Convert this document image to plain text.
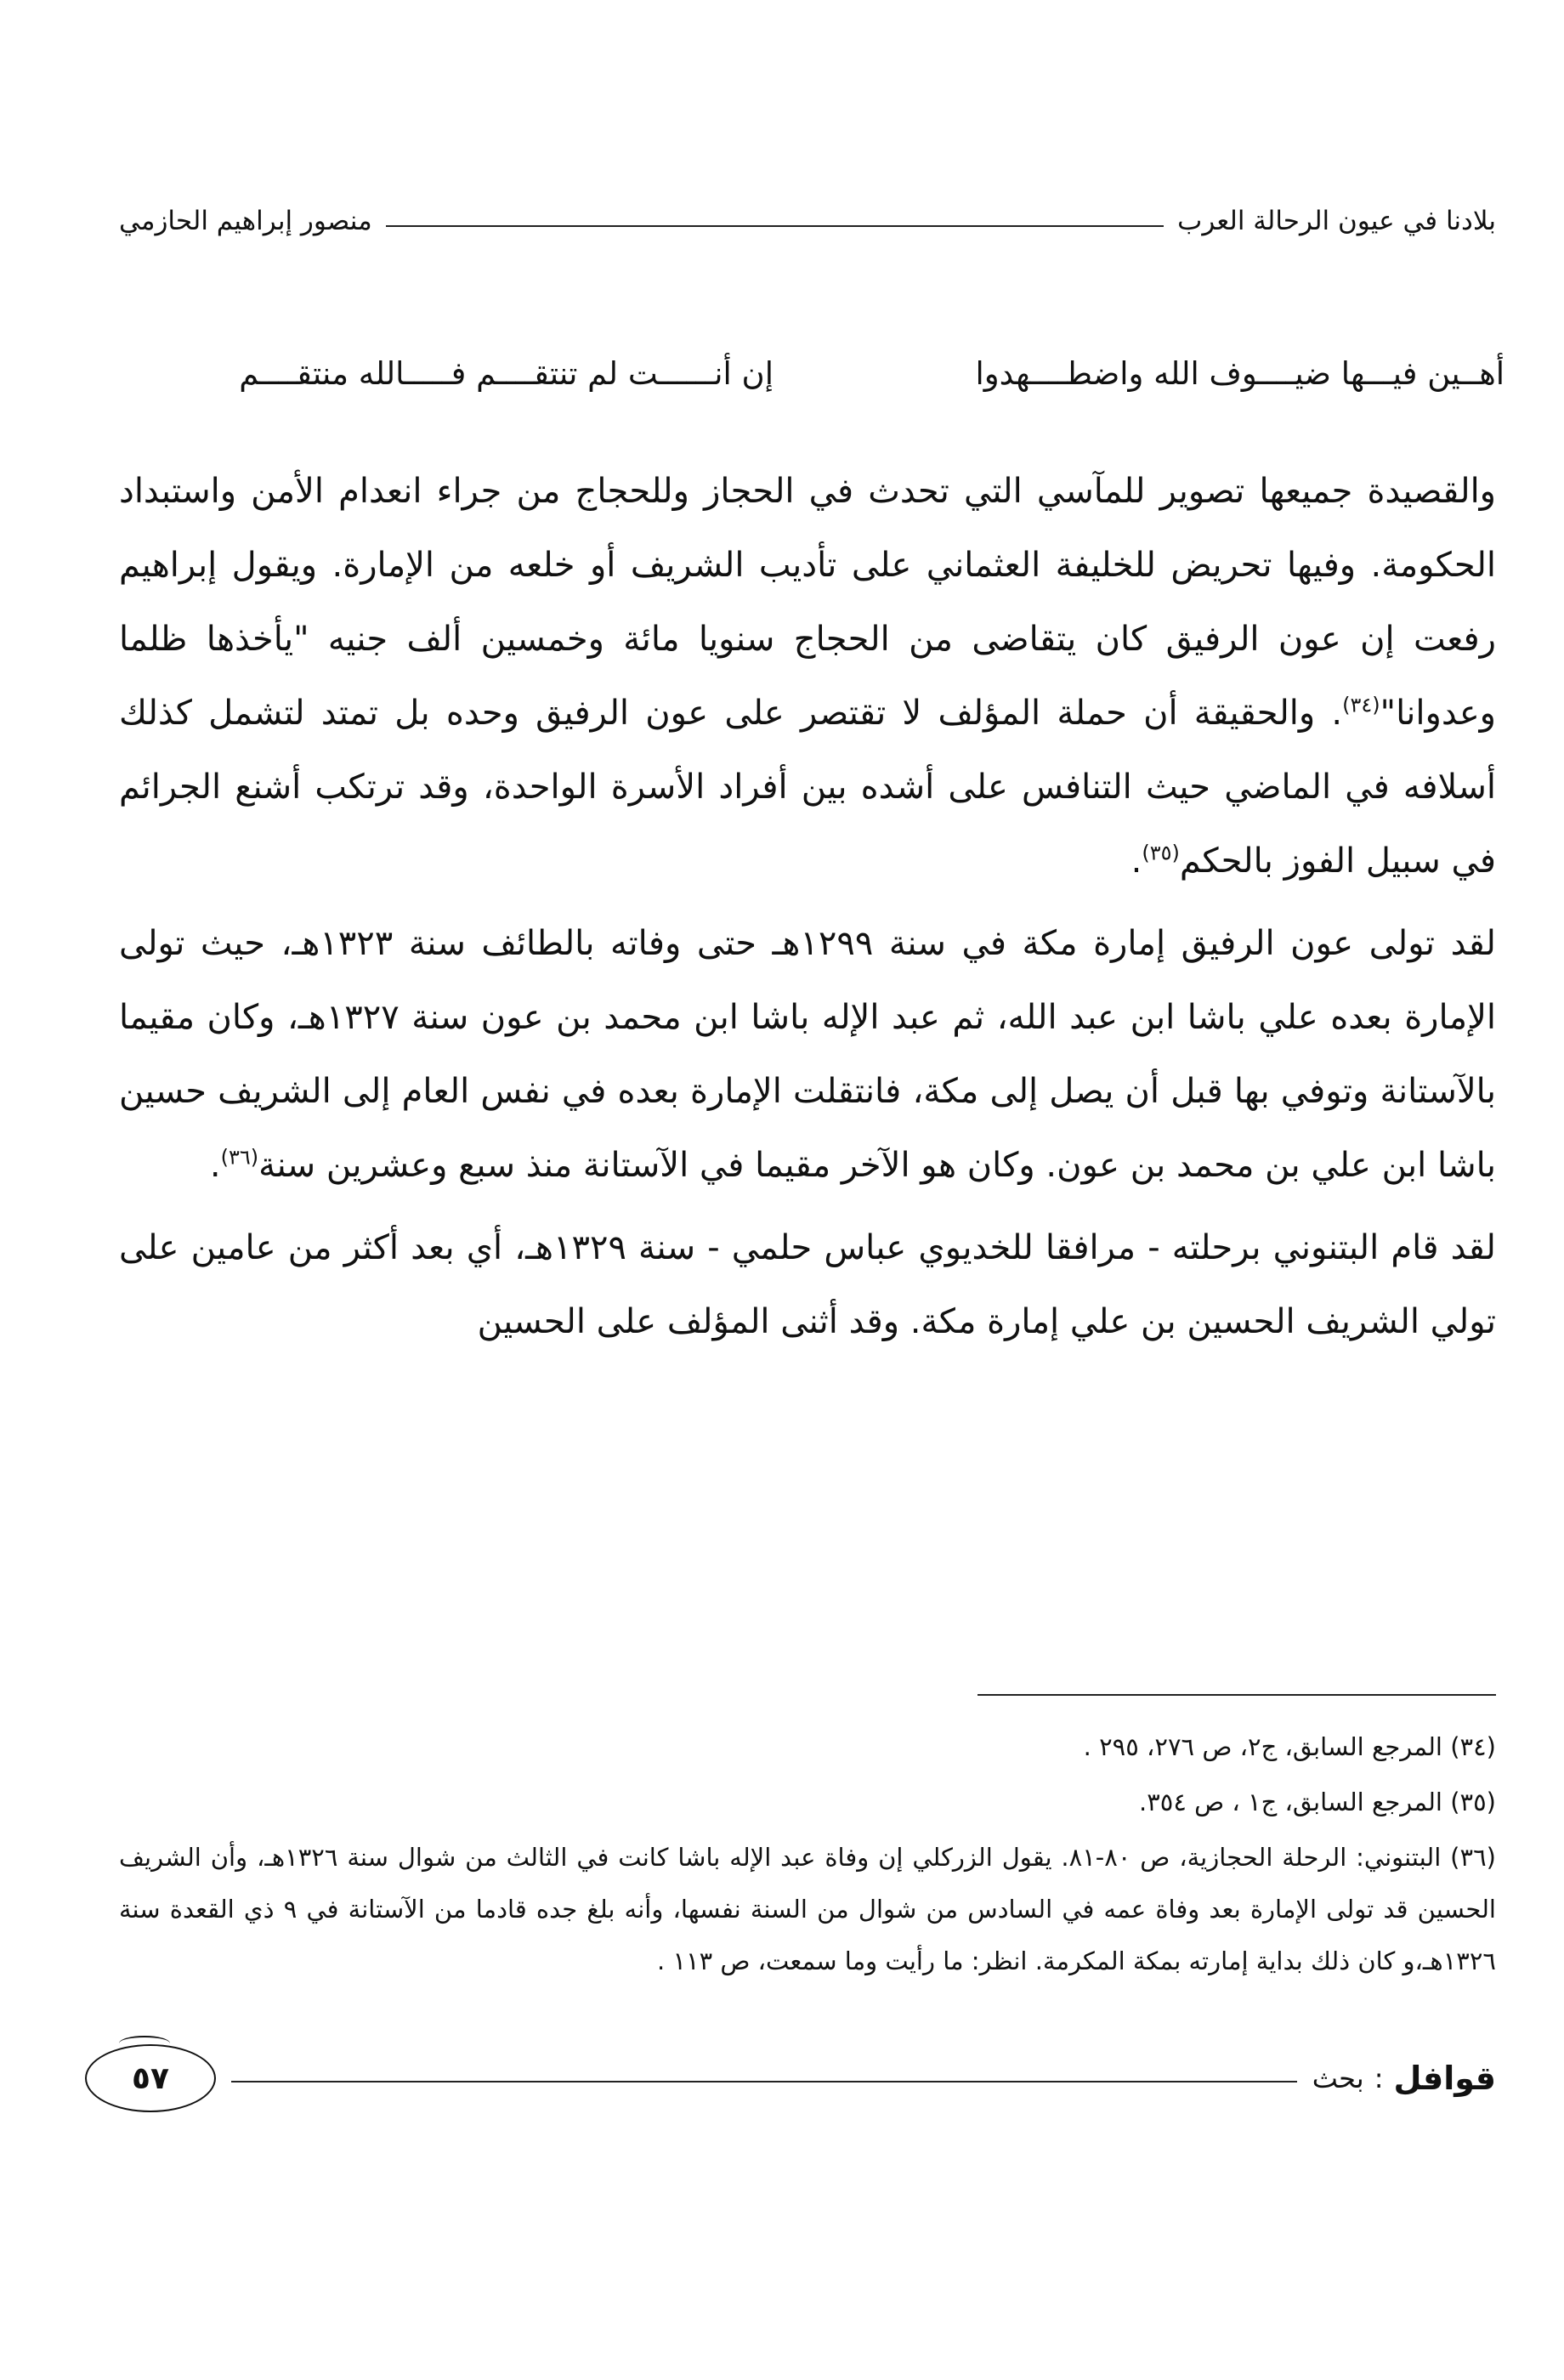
بلادنا في عيون الرحالة العرب
منصور إبراهيم الحازمي
أهــين فيـــها ضيــــوف الله واضطــــهدوا
إن أنــــــت لم تنتقــــم فـــــالله منتقــــم

والقصيدة جميعها تصوير للمآسي التي تحدث في الحجاز وللحجاج من جراء انعدام الأمن واستبداد الحكومة. وفيها تحريض للخليفة العثماني على تأديب الشريف أو خلعه من الإمارة. ويقول إبراهيم رفعت إن عون الرفيق كان يتقاضى من الحجاج سنويا مائة وخمسين ألف جنيه "يأخذها ظلما وعدوانا"$^{(٣٤)}$. والحقيقة أن حملة المؤلف لا تقتصر على عون الرفيق وحده بل تمتد لتشمل كذلك أسلافه في الماضي حيث التنافس على أشده بين أفراد الأسرة الواحدة، وقد ترتكب أشنع الجرائم في سبيل الفوز بالحكم$^{(٣٥)}$.

لقد تولى عون الرفيق إمارة مكة في سنة ١٢٩٩هـ حتى وفاته بالطائف سنة ١٣٢٣هـ، حيث تولى الإمارة بعده علي باشا ابن عبد الله، ثم عبد الإله باشا ابن محمد بن عون سنة ١٣٢٧هـ، وكان مقيما بالآستانة وتوفي بها قبل أن يصل إلى مكة، فانتقلت الإمارة بعده في نفس العام إلى الشريف حسين باشا ابن علي بن محمد بن عون. وكان هو الآخر مقيما في الآستانة منذ سبع وعشرين سنة$^{(٣٦)}$.

لقد قام البتنوني برحلته - مرافقا للخديوي عباس حلمي - سنة ١٣٢٩هـ، أي بعد أكثر من عامين على تولي الشريف الحسين بن علي إمارة مكة. وقد أثنى المؤلف على الحسين

(٣٤) المرجع السابق، ج٢، ص ٢٧٦، ٢٩٥ .

(٣٥) المرجع السابق، ج١ ، ص ٣٥٤.

(٣٦) البتنوني: الرحلة الحجازية، ص ٨٠-٨١. يقول الزركلي إن وفاة عبد الإله باشا كانت في الثالث من شوال سنة ١٣٢٦هـ، وأن الشريف الحسين قد تولى الإمارة بعد وفاة عمه في السادس من شوال من السنة نفسها، وأنه بلغ جده قادما من الآستانة في ٩ ذي القعدة سنة ١٣٢٦هـ،و كان ذلك بداية إمارته بمكة المكرمة. انظر: ما رأيت وما سمعت، ص ١١٣ .

قوافل
:
بحث
٥٧
